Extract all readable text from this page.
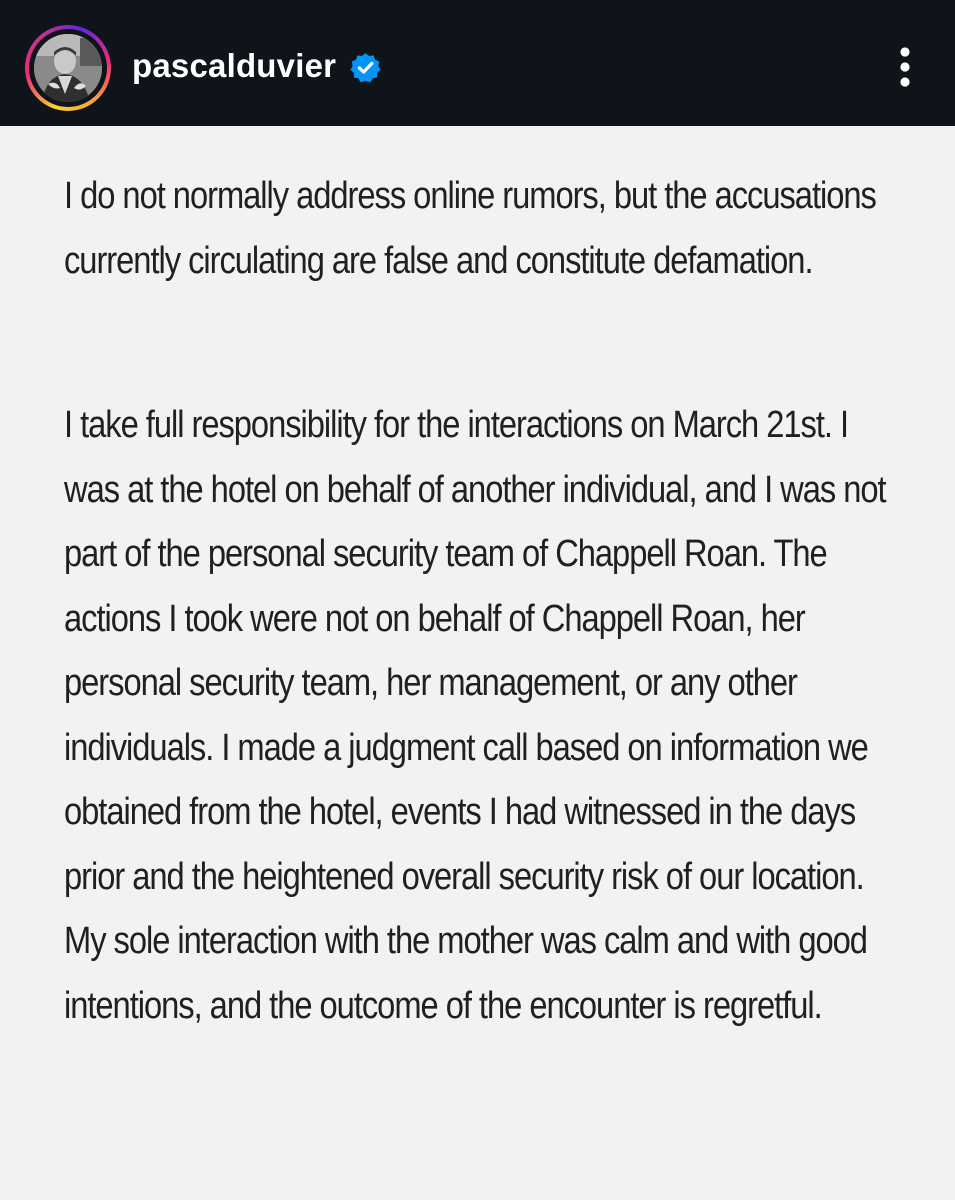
pascalduvier

I do not normally address online rumors, but the accusations currently circulating are false and constitute defamation.

I take full responsibility for the interactions on March 21st. I was at the hotel on behalf of another individual, and I was not part of the personal security team of Chappell Roan. The actions I took were not on behalf of Chappell Roan, her personal security team, her management, or any other individuals. I made a judgment call based on information we obtained from the hotel, events I had witnessed in the days prior and the heightened overall security risk of our location. My sole interaction with the mother was calm and with good intentions, and the outcome of the encounter is regretful.
